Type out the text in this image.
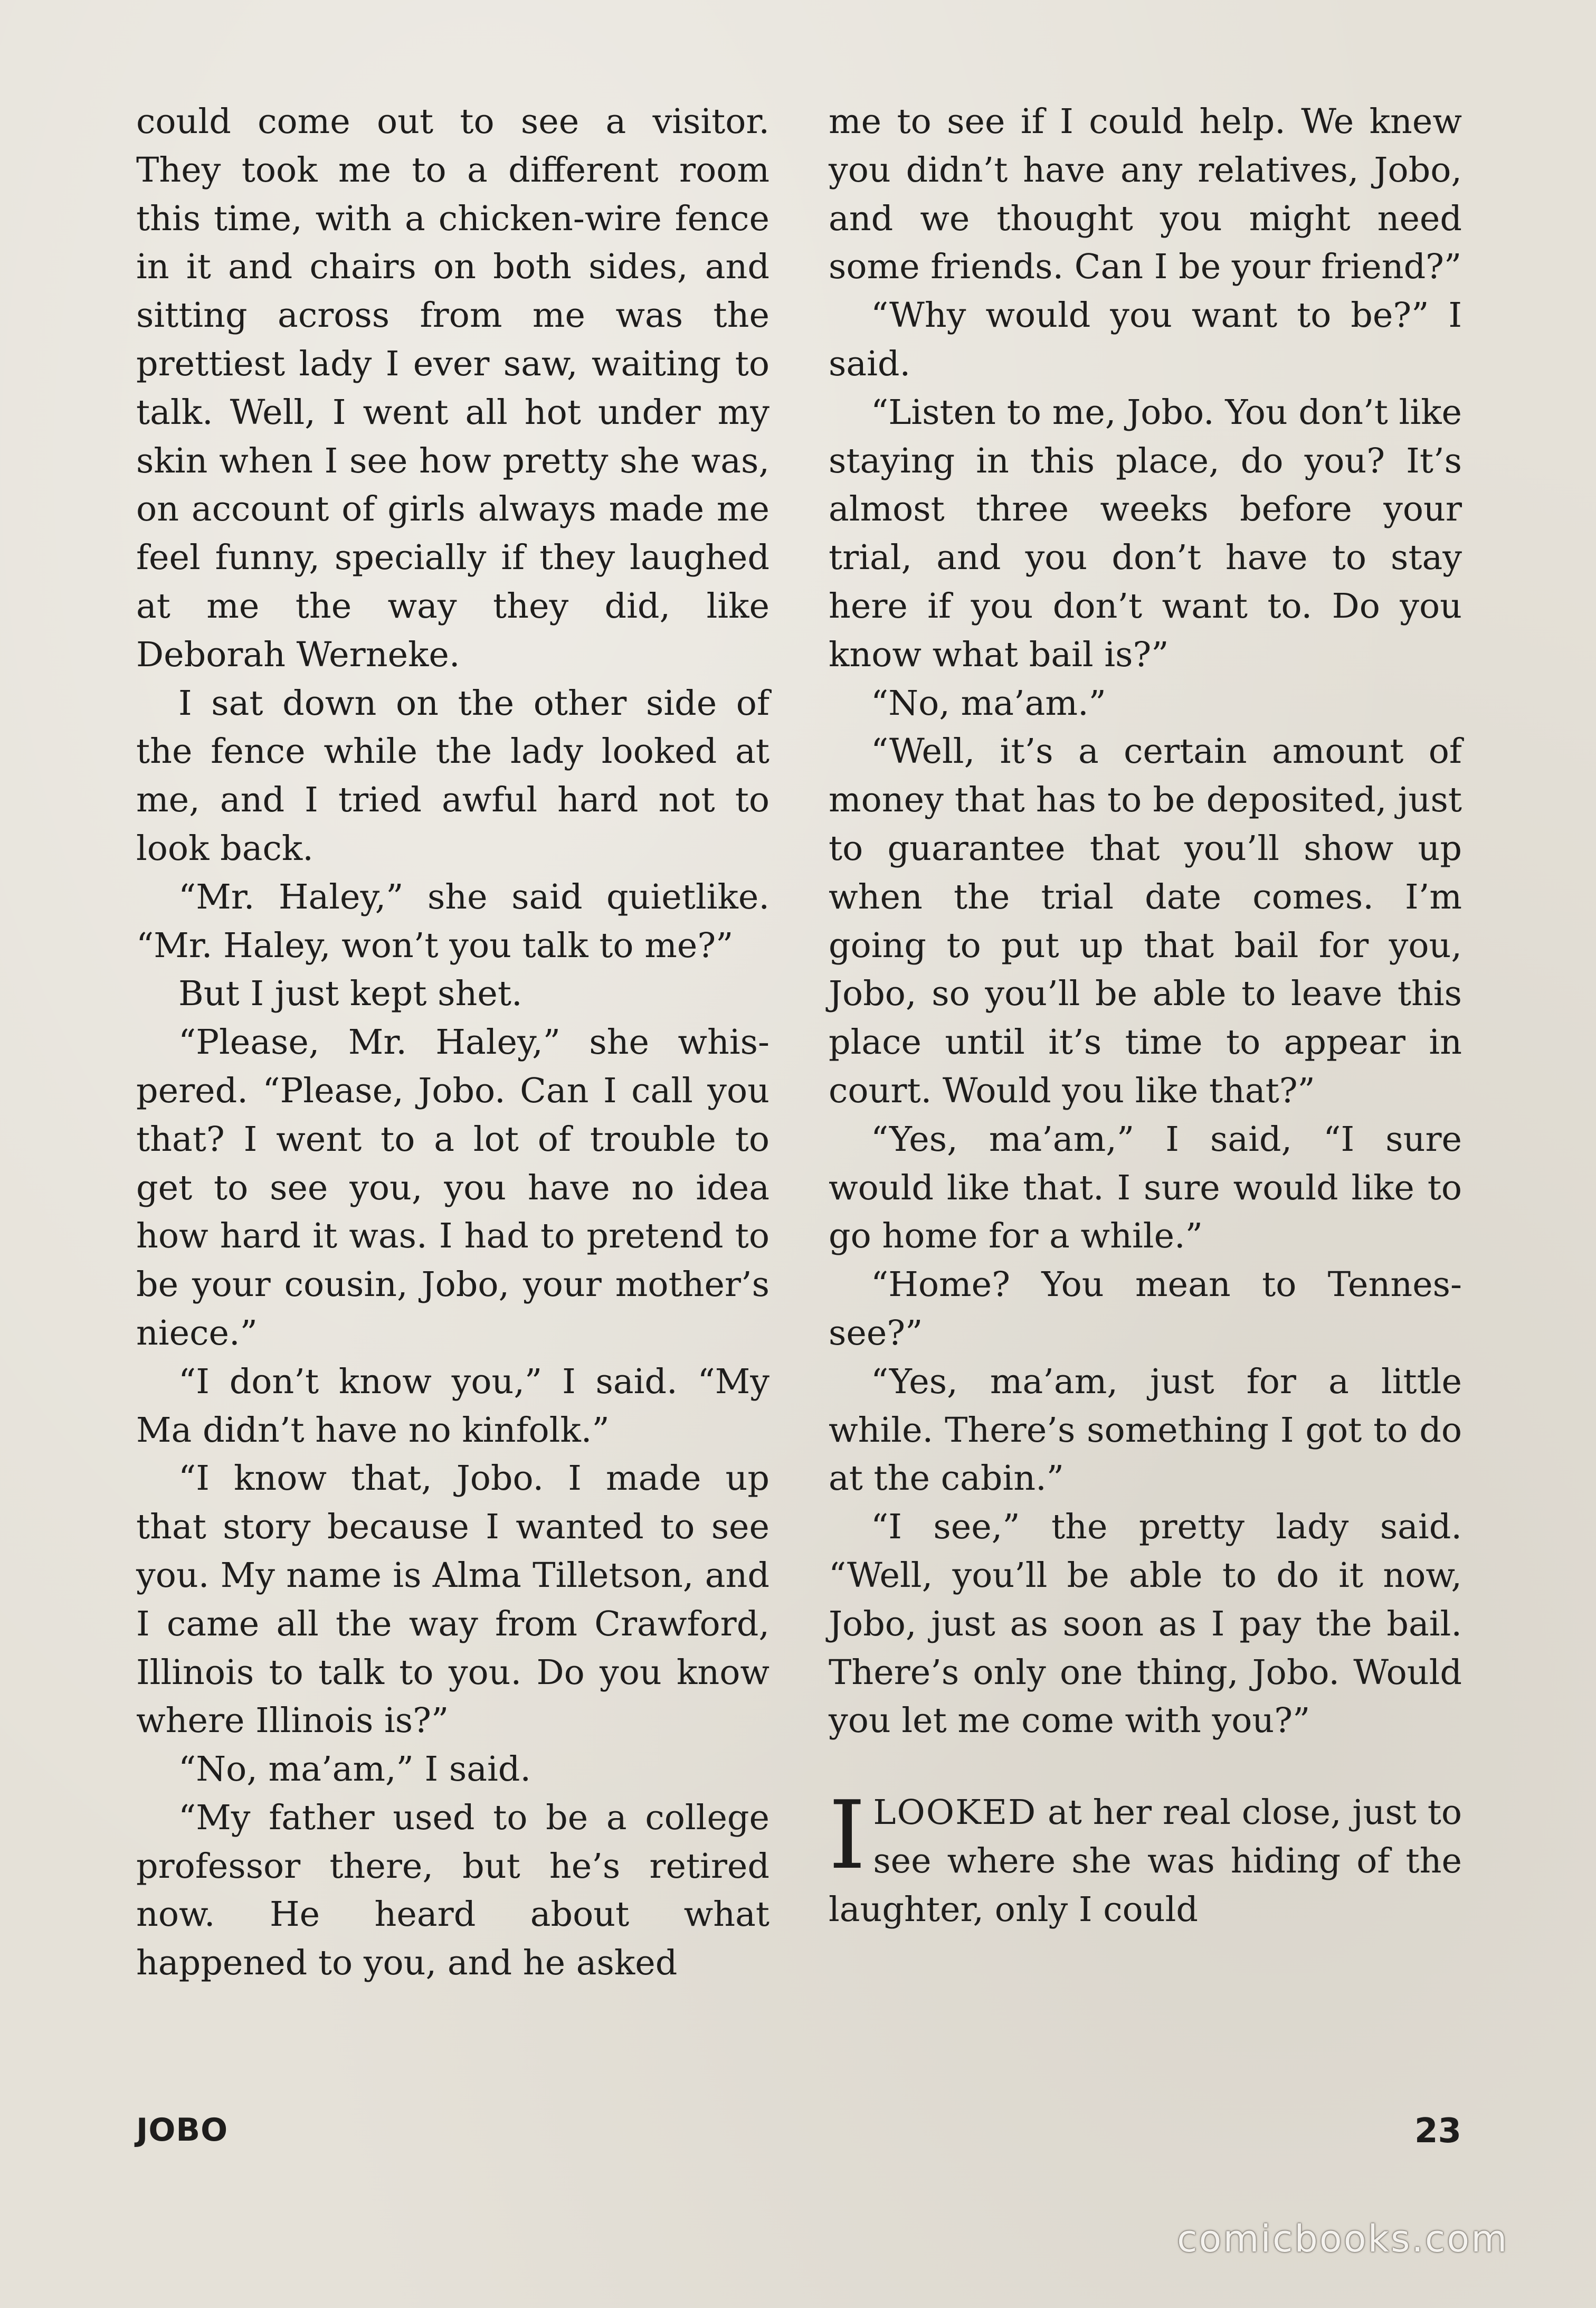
could come out to see a visitor. They took me to a different room this time, with a chicken-wire fence in it and chairs on both sides, and sitting across from me was the prettiest lady I ever saw, waiting to talk. Well, I went all hot under my skin when I see how pretty she was, on account of girls always made me feel funny, specially if they laughed at me the way they did, like Deborah Werneke.

I sat down on the other side of the fence while the lady looked at me, and I tried awful hard not to look back.

“Mr. Haley,” she said quietlike. “Mr. Haley, won’t you talk to me?”

But I just kept shet.

“Please, Mr. Haley,” she whispered. “Please, Jobo. Can I call you that? I went to a lot of trouble to get to see you, you have no idea how hard it was. I had to pretend to be your cousin, Jobo, your mother’s niece.”

“I don’t know you,” I said. “My Ma didn’t have no kinfolk.”

“I know that, Jobo. I made up that story because I wanted to see you. My name is Alma Tilletson, and I came all the way from Crawford, Illinois to talk to you. Do you know where Illinois is?”

“No, ma’am,” I said.

“My father used to be a college professor there, but he’s retired now. He heard about what happened to you, and he asked

me to see if I could help. We knew you didn’t have any relatives, Jobo, and we thought you might need some friends. Can I be your friend?”

“Why would you want to be?” I said.

“Listen to me, Jobo. You don’t like staying in this place, do you? It’s almost three weeks before your trial, and you don’t have to stay here if you don’t want to. Do you know what bail is?”

“No, ma’am.”

“Well, it’s a certain amount of money that has to be deposited, just to guarantee that you’ll show up when the trial date comes. I’m going to put up that bail for you, Jobo, so you’ll be able to leave this place until it’s time to appear in court. Would you like that?”

“Yes, ma’am,” I said, “I sure would like that. I sure would like to go home for a while.”

“Home? You mean to Tennessee?”

“Yes, ma’am, just for a little while. There’s something I got to do at the cabin.”

“I see,” the pretty lady said. “Well, you’ll be able to do it now, Jobo, just as soon as I pay the bail. There’s only one thing, Jobo. Would you let me come with you?”

ILOOKED at her real close, just to see where she was hiding of the laughter, only I could

JOBO	23
comicbooks.com
